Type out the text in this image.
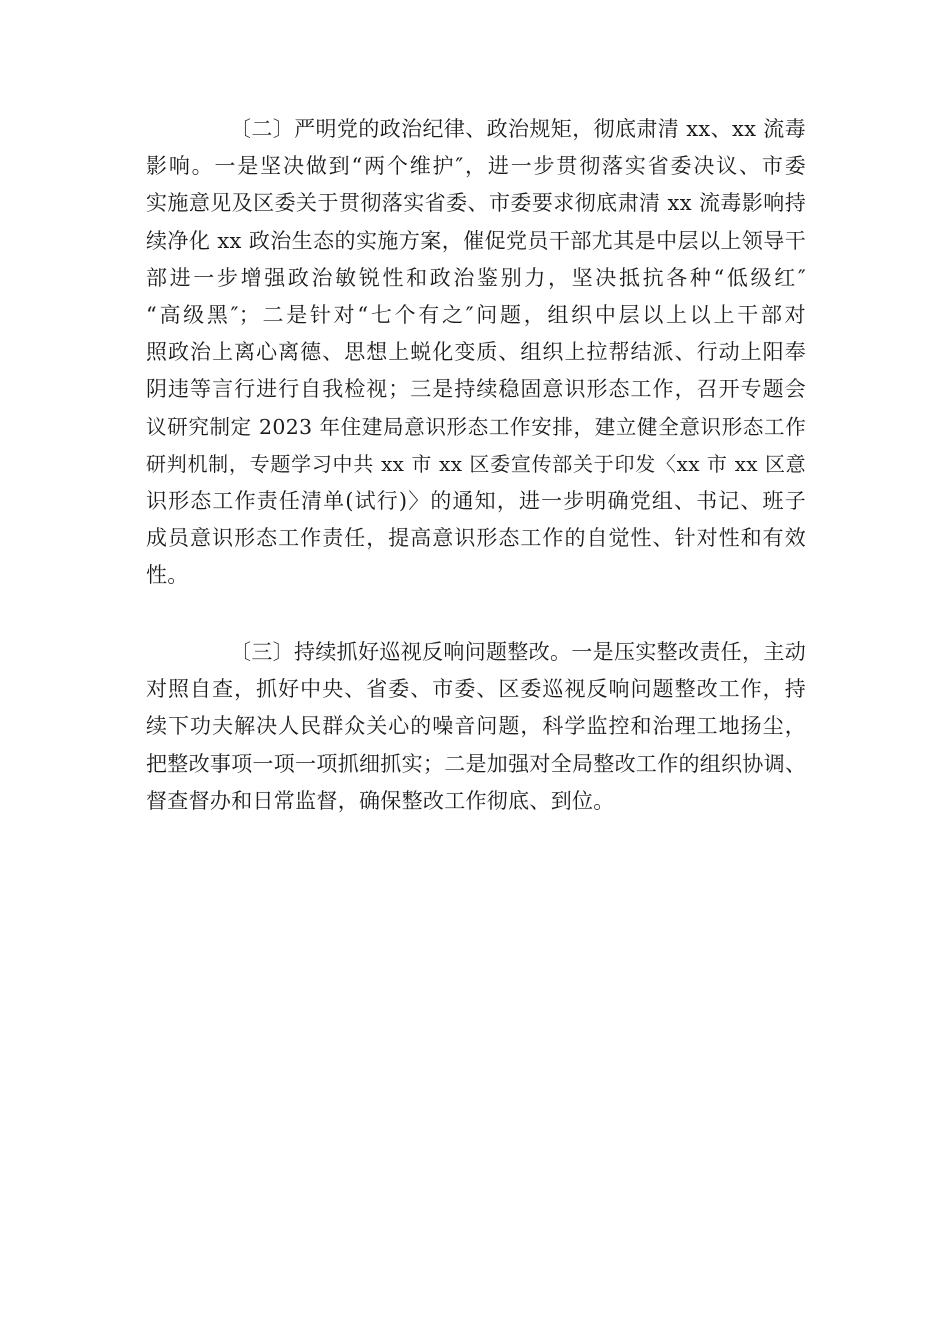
〔二〕严明党的政治纪律、政治规矩，彻底肃清 xx、xx 流毒
影响。一是坚决做到“两个维护″，进一步贯彻落实省委决议、市委
实施意见及区委关于贯彻落实省委、市委要求彻底肃清 xx 流毒影响持
续净化 xx 政治生态的实施方案，催促党员干部尤其是中层以上领导干
部进一步增强政治敏锐性和政治鉴别力，坚决抵抗各种“低级红″
“高级黑″；二是针对“七个有之″问题，组织中层以上以上干部对
照政治上离心离德、思想上蜕化变质、组织上拉帮结派、行动上阳奉
阴违等言行进行自我检视；三是持续稳固意识形态工作，召开专题会
议研究制定 2023 年住建局意识形态工作安排，建立健全意识形态工作
研判机制，专题学习中共 xx 市 xx 区委宣传部关于印发〈xx 市 xx 区意
识形态工作责任清单(试行)〉的通知，进一步明确党组、书记、班子
成员意识形态工作责任，提高意识形态工作的自觉性、针对性和有效
性。

〔三〕持续抓好巡视反响问题整改。一是压实整改责任，主动
对照自查，抓好中央、省委、市委、区委巡视反响问题整改工作，持
续下功夫解决人民群众关心的噪音问题，科学监控和治理工地扬尘，
把整改事项一项一项抓细抓实；二是加强对全局整改工作的组织协调、
督查督办和日常监督，确保整改工作彻底、到位。
